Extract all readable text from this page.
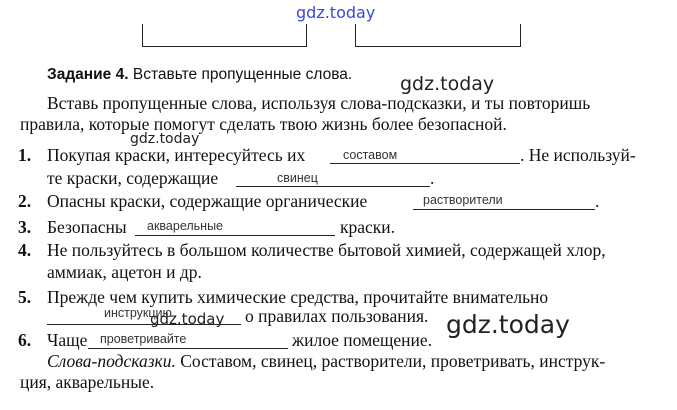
gdz.today
gdz.today
gdz.today
gdz.today	gdz.today
Задание 4. Вставьте пропущенные слова.
Вставь пропущенные слова, используя слова-подсказки, и ты повторишь
правила, которые помогут сделать твою жизнь более безопасной.
1. Покупая краски, интересуйтесь их	составом	. Не используй-
те краски, содержащие	свинец	.
2. Опасны краски, содержащие органические	растворители	.
3. Безопасны акварельные	краски.
4. Не пользуйтесь в большом количестве бытовой химией, содержащей хлор,
аммиак, ацетон и др.
5. Прежде чем купить химические средства, прочитайте внимательно
инструкцию	о правилах пользования.
6. Чаще проветривайте	жилое помещение.
Слова-подсказки. Составом, свинец, растворители, проветривать, инструк-
ция, акварельные.
